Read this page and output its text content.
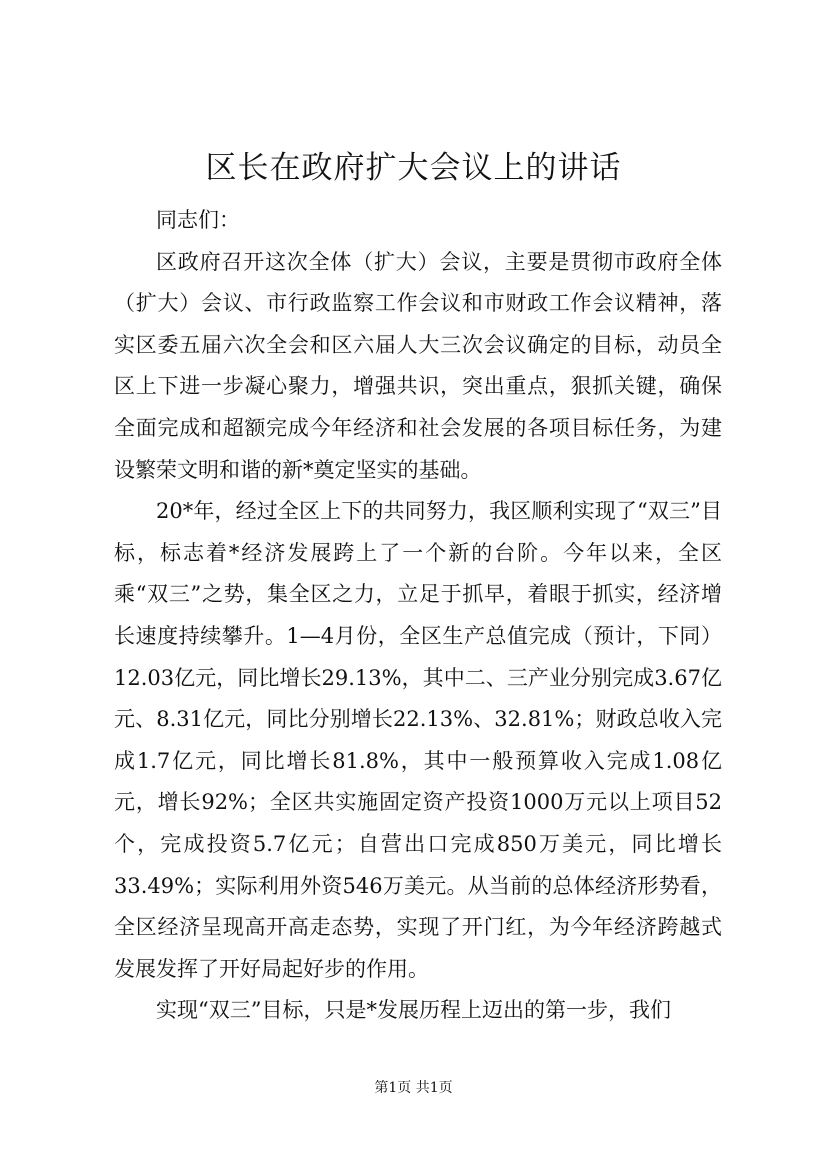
区长在政府扩大会议上的讲话

同志们：

区政府召开这次全体（扩大）会议，主要是贯彻市政府全体（扩大）会议、市行政监察工作会议和市财政工作会议精神，落实区委五届六次全会和区六届人大三次会议确定的目标，动员全区上下进一步凝心聚力，增强共识，突出重点，狠抓关键，确保全面完成和超额完成今年经济和社会发展的各项目标任务，为建设繁荣文明和谐的新*奠定坚实的基础。

20*年，经过全区上下的共同努力，我区顺利实现了“双三”目标，标志着*经济发展跨上了一个新的台阶。今年以来，全区乘“双三”之势，集全区之力，立足于抓早，着眼于抓实，经济增长速度持续攀升。1—4月份，全区生产总值完成（预计，下同）12.03亿元，同比增长29.13%，其中二、三产业分别完成3.67亿元、8.31亿元，同比分别增长22.13%、32.81%；财政总收入完成1.7亿元，同比增长81.8%，其中一般预算收入完成1.08亿元，增长92%；全区共实施固定资产投资1000万元以上项目52个，完成投资5.7亿元；自营出口完成850万美元，同比增长33.49%；实际利用外资546万美元。从当前的总体经济形势看，全区经济呈现高开高走态势，实现了开门红，为今年经济跨越式发展发挥了开好局起好步的作用。

实现“双三”目标，只是*发展历程上迈出的第一步，我们

第1页 共1页
